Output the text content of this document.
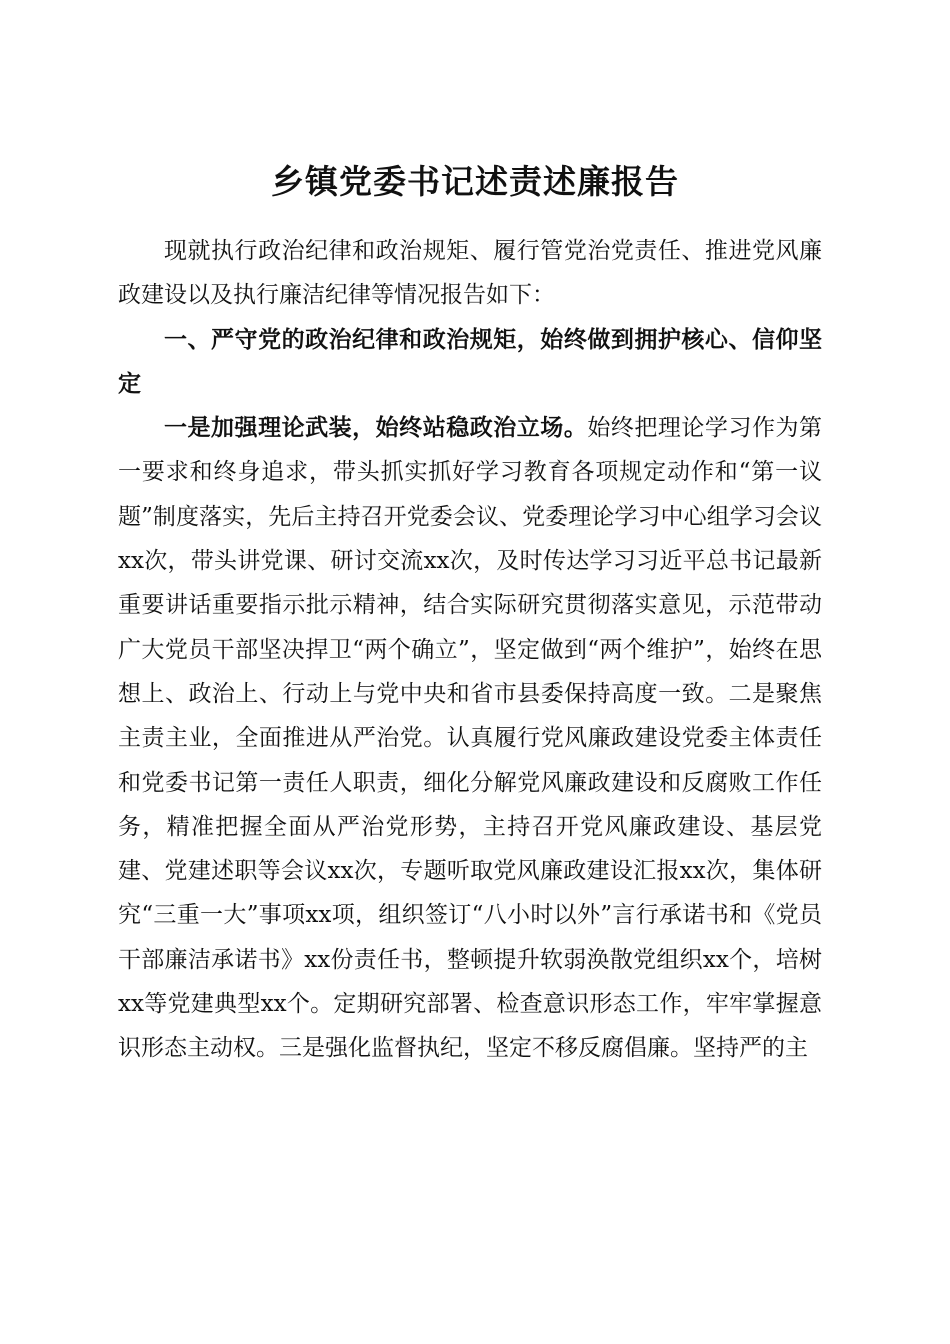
乡镇党委书记述责述廉报告

现就执行政治纪律和政治规矩、履行管党治党责任、推进党风廉政建设以及执行廉洁纪律等情况报告如下：

一、严守党的政治纪律和政治规矩，始终做到拥护核心、信仰坚定

一是加强理论武装，始终站稳政治立场。始终把理论学习作为第一要求和终身追求，带头抓实抓好学习教育各项规定动作和“第一议题”制度落实，先后主持召开党委会议、党委理论学习中心组学习会议xx次，带头讲党课、研讨交流xx次，及时传达学习习近平总书记最新重要讲话重要指示批示精神，结合实际研究贯彻落实意见，示范带动广大党员干部坚决捍卫“两个确立”，坚定做到“两个维护”，始终在思想上、政治上、行动上与党中央和省市县委保持高度一致。二是聚焦主责主业，全面推进从严治党。认真履行党风廉政建设党委主体责任和党委书记第一责任人职责，细化分解党风廉政建设和反腐败工作任务，精准把握全面从严治党形势，主持召开党风廉政建设、基层党建、党建述职等会议xx次，专题听取党风廉政建设汇报xx次，集体研究“三重一大”事项xx项，组织签订“八小时以外”言行承诺书和《党员干部廉洁承诺书》xx份责任书，整顿提升软弱涣散党组织xx个，培树xx等党建典型xx个。定期研究部署、检查意识形态工作，牢牢掌握意识形态主动权。三是强化监督执纪，坚定不移反腐倡廉。坚持严的主
